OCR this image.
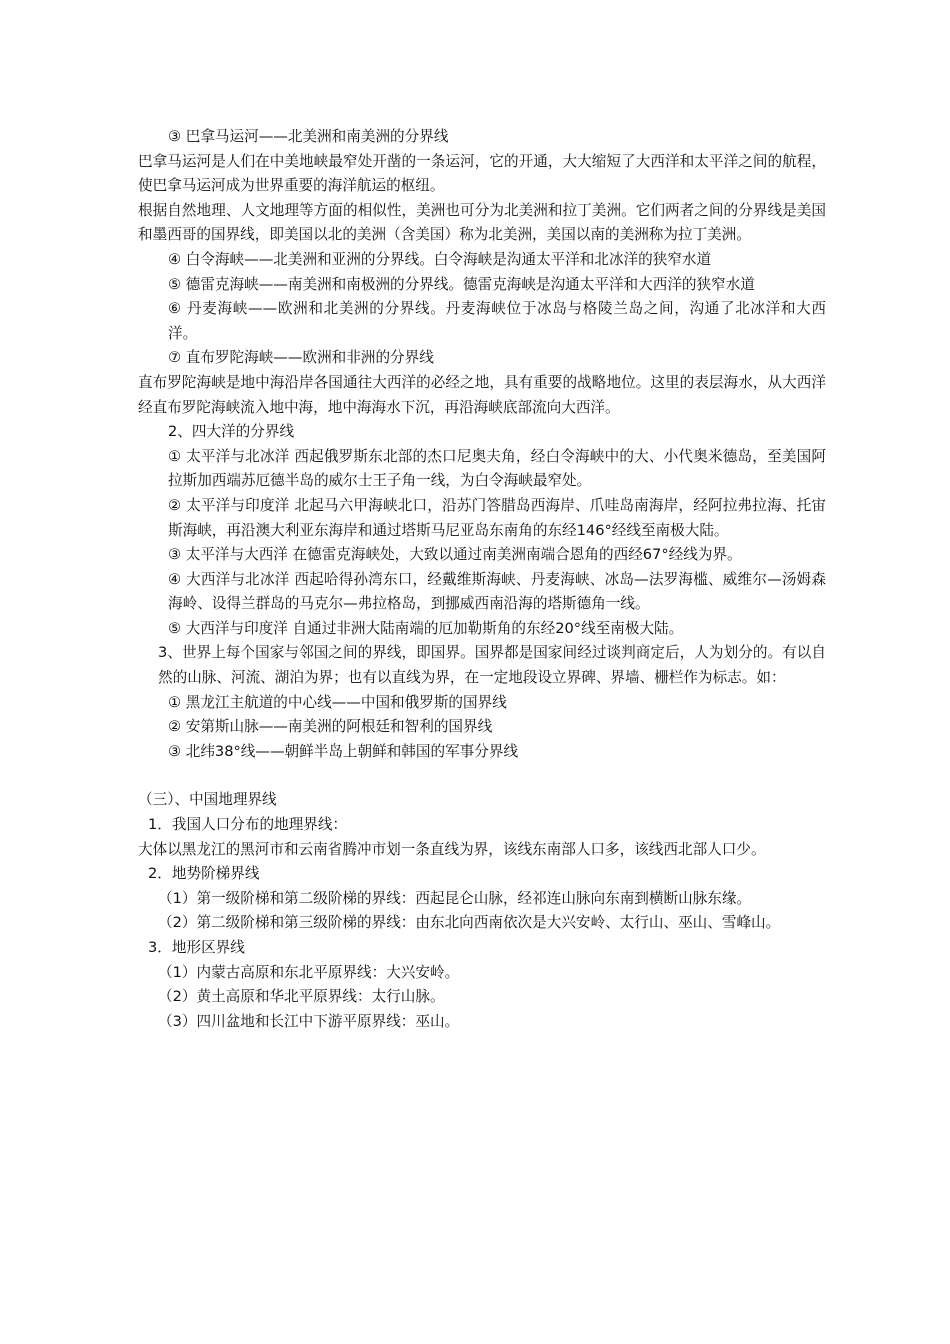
③ 巴拿马运河——北美洲和南美洲的分界线

巴拿马运河是人们在中美地峡最窄处开凿的一条运河，它的开通，大大缩短了大西洋和太平洋之间的航程，使巴拿马运河成为世界重要的海洋航运的枢纽。

根据自然地理、人文地理等方面的相似性，美洲也可分为北美洲和拉丁美洲。它们两者之间的分界线是美国和墨西哥的国界线，即美国以北的美洲（含美国）称为北美洲，美国以南的美洲称为拉丁美洲。

④ 白令海峡——北美洲和亚洲的分界线。白令海峡是沟通太平洋和北冰洋的狭窄水道

⑤ 德雷克海峡——南美洲和南极洲的分界线。德雷克海峡是沟通太平洋和大西洋的狭窄水道

⑥ 丹麦海峡——欧洲和北美洲的分界线。丹麦海峡位于冰岛与格陵兰岛之间，沟通了北冰洋和大西洋。

⑦ 直布罗陀海峡——欧洲和非洲的分界线

直布罗陀海峡是地中海沿岸各国通往大西洋的必经之地，具有重要的战略地位。这里的表层海水，从大西洋经直布罗陀海峡流入地中海，地中海海水下沉，再沿海峡底部流向大西洋。

2、四大洋的分界线

① 太平洋与北冰洋 西起俄罗斯东北部的杰口尼奥夫角，经白令海峡中的大、小代奥米德岛，至美国阿拉斯加西端苏厄德半岛的威尔士王子角一线，为白令海峡最窄处。

② 太平洋与印度洋 北起马六甲海峡北口，沿苏门答腊岛西海岸、爪哇岛南海岸，经阿拉弗拉海、托宙斯海峡，再沿澳大利亚东海岸和通过塔斯马尼亚岛东南角的东经146°经线至南极大陆。

③ 太平洋与大西洋 在德雷克海峡处，大致以通过南美洲南端合恩角的西经67°经线为界。

④ 大西洋与北冰洋 西起哈得孙湾东口，经戴维斯海峡、丹麦海峡、冰岛—法罗海槛、威维尔—汤姆森海岭、设得兰群岛的马克尔—弗拉格岛，到挪威西南沿海的塔斯德角一线。

⑤ 大西洋与印度洋 自通过非洲大陆南端的厄加勒斯角的东经20°线至南极大陆。

3、世界上每个国家与邻国之间的界线，即国界。国界都是国家间经过谈判商定后，人为划分的。有以自然的山脉、河流、湖泊为界；也有以直线为界，在一定地段设立界碑、界墙、栅栏作为标志。如：

① 黑龙江主航道的中心线——中国和俄罗斯的国界线

② 安第斯山脉——南美洲的阿根廷和智利的国界线

③ 北纬38°线——朝鲜半岛上朝鲜和韩国的军事分界线

（三）、中国地理界线

1．我国人口分布的地理界线：

大体以黑龙江的黑河市和云南省腾冲市划一条直线为界，该线东南部人口多，该线西北部人口少。

2．地势阶梯界线

（1）第一级阶梯和第二级阶梯的界线：西起昆仑山脉，经祁连山脉向东南到横断山脉东缘。

（2）第二级阶梯和第三级阶梯的界线：由东北向西南依次是大兴安岭、太行山、巫山、雪峰山。

3．地形区界线

（1）内蒙古高原和东北平原界线：大兴安岭。

（2）黄土高原和华北平原界线：太行山脉。

（3）四川盆地和长江中下游平原界线：巫山。
